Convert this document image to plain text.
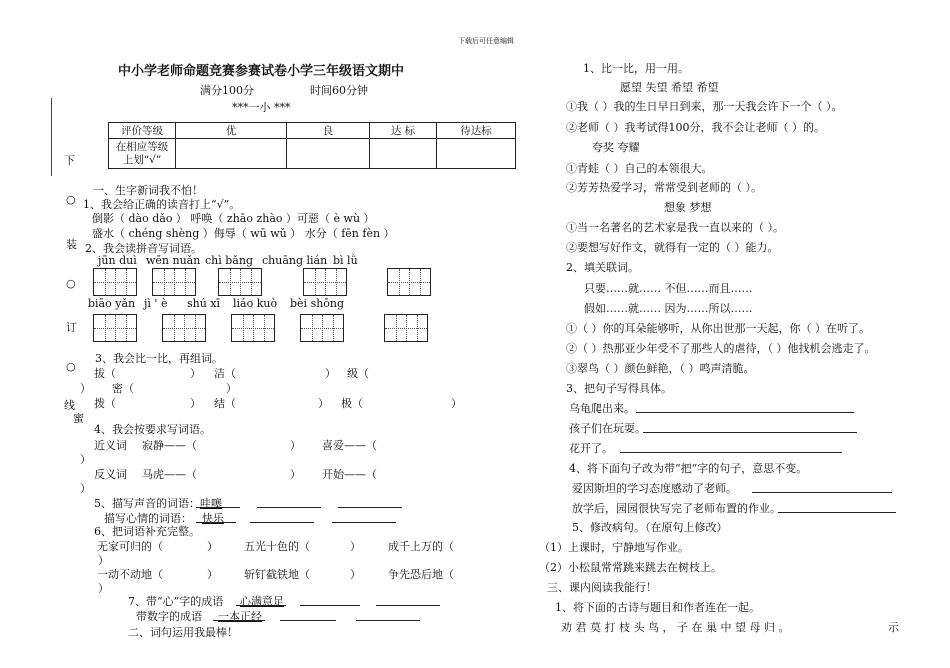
下载后可任意编辑
下
○
装
○
订
○
线
蜜
中小学老师命题竞赛参赛试卷小学三年级语文期中
满分100分	时间60分钟
***一小 ***
评价等级	优	良	达 标	待达标

在相应等级
上划“√”				

一、生字新词我不怕！
1、我会给正确的读音打上“√”。
倒影（ dào dǎo ） 呼唤（ zhāo zhào ）可惡（ è wù ）
盛水（ chéng shèng ）侮辱（ wū wǔ ） 水分（ fēn fèn ）
2、我会读拼音写词语。
jūn duì wēn nuǎn chì bǎng chuāng lián bì lǜ
biāo yǎn jì ' è shú xī liáo kuò bèi shōng
3、我会比一比，再组词。
拔（	） 洁（	） 级（
） 密（	）
拨（	） 结（	） 极（	）
4、我会按要求写词语。
近义词 寂静——（	） 喜爱——（
）
反义词 马虎——（	） 开始——（
）
5、描写声音的词语： 哇噻
描写心情的词语： 快乐
6、把词语补充完整。
无家可归的（	） 五光十色的（	） 成千上万的（
）
一动不动地（	） 斩钉截铁地（	） 争先恐后地（
）
7、带“心”字的成语 心满意足
带数字的成语 一本正经
二、词句运用我最棒！
1、比一比，用一用。
愿望 失望 希望 希望
①我（ ）我的生日早日到来，那一天我会许下一个（ ）。
②老师（ ）我考试得100分，我不会让老师（ ）的。
夸奖 夸耀
①青蛙（ ）自己的本领很大。
②芳芳热爱学习，常常受到老师的（ ）。
想象 梦想
①当一名著名的艺术家是我一直以来的（ ）。
②要想写好作文，就得有一定的（ ）能力。
2、填关联词。
只要……就…… 不但……而且……
假如……就…… 因为……所以……
①（ ）你的耳朵能够听，从你出世那一天起，你（ ）在听了。
②（ ）热那亚少年受不了那些人的虐待，（ ）他找机会逃走了。
③翠鸟（ ）颜色鲜艳，（ ）鸣声清脆。
3、把句子写得具体。
乌龟爬出来。
孩子们在玩耍。
花开了。
4、将下面句子改为带“把“字的句子，意思不变。
爱因斯坦的学习态度感动了老师。
放学后，园园很快写完了老师布置的作业。
5、修改病句。（在原句上修改）
（1）上课时，宁静地写作业。
（2）小松鼠常常跳来跳去在树枝上。
三、课内阅读我能行！
1、将下面的古诗与题目和作者连在一起。
劝 君 莫 打 枝 头 鸟 ， 子 在 巢 中 望 母 归 。	示
